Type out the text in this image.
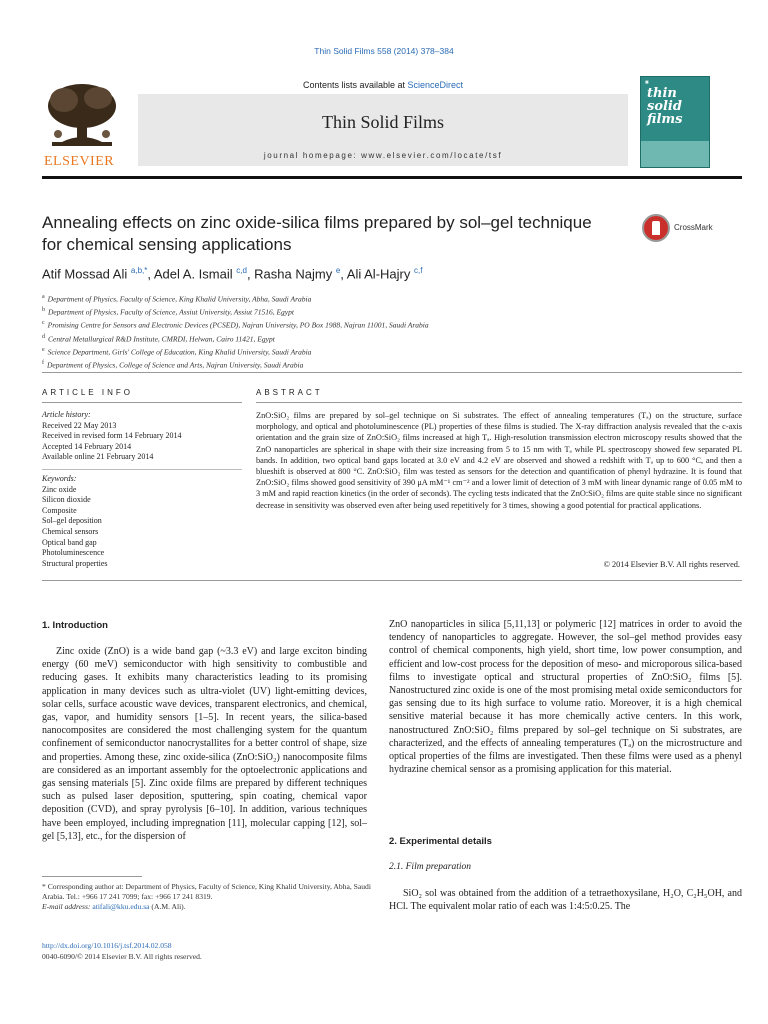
Thin Solid Films 558 (2014) 378–384
ELSEVIER
Contents lists available at ScienceDirect
Thin Solid Films
journal homepage: www.elsevier.com/locate/tsf
■
thin solid films
Annealing effects on zinc oxide-silica films prepared by sol–gel technique
for chemical sensing applications
CrossMark
Atif Mossad Ali $^{a,b,*}$, Adel A. Ismail $^{c,d}$, Rasha Najmy $^e$, Ali Al-Hajry $^{c,f}$
$^a$ Department of Physics, Faculty of Science, King Khalid University, Abha, Saudi Arabia
$^b$ Department of Physics, Faculty of Science, Assiut University, Assiut 71516, Egypt
$^c$ Promising Centre for Sensors and Electronic Devices (PCSED), Najran University, PO Box 1988, Najran 11001, Saudi Arabia
$^d$ Central Metallurgical R&D Institute, CMRDI, Helwan, Cairo 11421, Egypt
$^e$ Science Department, Girls' College of Education, King Khalid University, Saudi Arabia
$^f$ Department of Physics, College of Science and Arts, Najran University, Saudi Arabia
ARTICLE INFO	ABSTRACT
Article history:
Received 22 May 2013
Received in revised form 14 February 2014
Accepted 14 February 2014
Available online 21 February 2014
Keywords:
Zinc oxide
Silicon dioxide
Composite
Sol–gel deposition
Chemical sensors
Optical band gap
Photoluminescence
Structural properties
ZnO:SiO₂ films are prepared by sol–gel technique on Si substrates. The effect of annealing temperatures (Tₐ) on the structure, surface morphology, and optical and photoluminescence (PL) properties of these films is studied. The X-ray diffraction analysis revealed that the c-axis orientation and the grain size of ZnO:SiO₂ films increased at high Tₐ. High-resolution transmission electron microscopy results showed that the ZnO nanoparticles are spherical in shape with their size increasing from 5 to 15 nm with Tₐ while PL spectroscopy showed few separated PL bands. In addition, two optical band gaps located at 3.0 eV and 4.2 eV are observed and showed a redshift with Tₐ up to 600 °C, and then a blueshift is observed at 800 °C. ZnO:SiO₂ film was tested as sensors for the detection and quantification of phenyl hydrazine. It is found that ZnO:SiO₂ films showed good sensitivity of 390 μA mM⁻¹ cm⁻² and a lower limit of detection of 3 mM with linear dynamic range of 0.05 mM to 3 mM and rapid reaction kinetics (in the order of seconds). The cycling tests indicated that the ZnO:SiO₂ films are quite stable since no significant decrease in sensitivity was observed even after being used repetitively for 3 times, showing a good potential for practical applications.
© 2014 Elsevier B.V. All rights reserved.
1. Introduction

Zinc oxide (ZnO) is a wide band gap (~3.3 eV) and large exciton binding energy (60 meV) semiconductor with high sensitivity to combustible and reducing gases. It exhibits many characteristics leading to its promising application in many devices such as ultra-violet (UV) light-emitting devices, solar cells, surface acoustic wave devices, transparent electronics, and chemical, gas, vapor, and humidity sensors [1–5]. In recent years, the silica-based nanocomposites are considered the most challenging system for the quantum confinement of semiconductor nanocrystallites for a better control of shape, size and properties. Among these, zinc oxide-silica (ZnO:SiO₂) nanocomposite films are considered as an important assembly for the optoelectronic applications and gas sensing materials [5]. Zinc oxide films are prepared by different techniques such as pulsed laser deposition, sputtering, spin coating, chemical vapor deposition (CVD), and spray pyrolysis [6–10]. In addition, various techniques have been employed, including impregnation [11], molecular capping [12], sol–gel [5,13], etc., for the dispersion of

ZnO nanoparticles in silica [5,11,13] or polymeric [12] matrices in order to avoid the tendency of nanoparticles to aggregate. However, the sol–gel method provides easy control of chemical components, high yield, short time, low power consumption, and efficient and low-cost process for the deposition of meso- and microporous silica-based films to investigate optical and structural properties of ZnO:SiO₂ films [5]. Nanostructured zinc oxide is one of the most promising metal oxide semiconductors for gas sensing due to its high surface to volume ratio. Moreover, it is a high chemical sensitive material because it has more chemically active centers. In this work, nanostructured ZnO:SiO₂ films prepared by sol–gel technique on Si substrates, are characterized, and the effects of annealing temperatures (Tₐ) on the microstructure and optical properties of the films are investigated. Then these films were used as a phenyl hydrazine chemical sensor as a promising application for this material.

2. Experimental details
2.1. Film preparation

SiO₂ sol was obtained from the addition of a tetraethoxysilane, H₂O, C₂H₅OH, and HCl. The equivalent molar ratio of each was 1:4:5:0.25. The

* Corresponding author at: Department of Physics, Faculty of Science, King Khalid University, Abha, Saudi Arabia. Tel.: +966 17 241 7099; fax: +966 17 241 8319.
E-mail address: atifali@kku.edu.sa (A.M. Ali).
http://dx.doi.org/10.1016/j.tsf.2014.02.058
0040-6090/© 2014 Elsevier B.V. All rights reserved.
